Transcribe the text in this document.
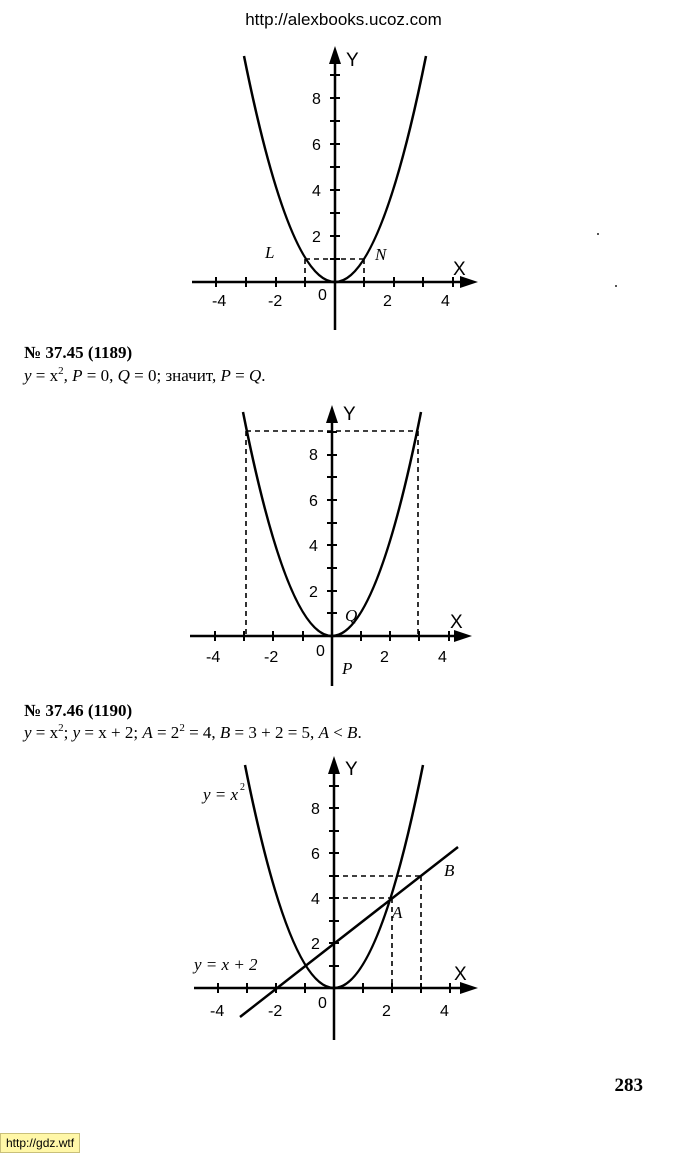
http://alexbooks.ucoz.com
-4	-2 0	2	4
8
6
4
2
X
Y
L	N
№ 37.45 (1189)
$y = x^2$, P = 0, Q = 0; значит, P = Q.
-4	-2 0	2	4
8
6
4
2
X
Y
Q
P
№ 37.46 (1190)
$y = x^2$; y = x + 2; $A = 2^2 = 4$, B = 3 + 2 = 5, A < B.
-4	-2 0	2	4
8
6
4
2
X
Y
y = x 2
y = x + 2
A
B
283
http://gdz.wtf
